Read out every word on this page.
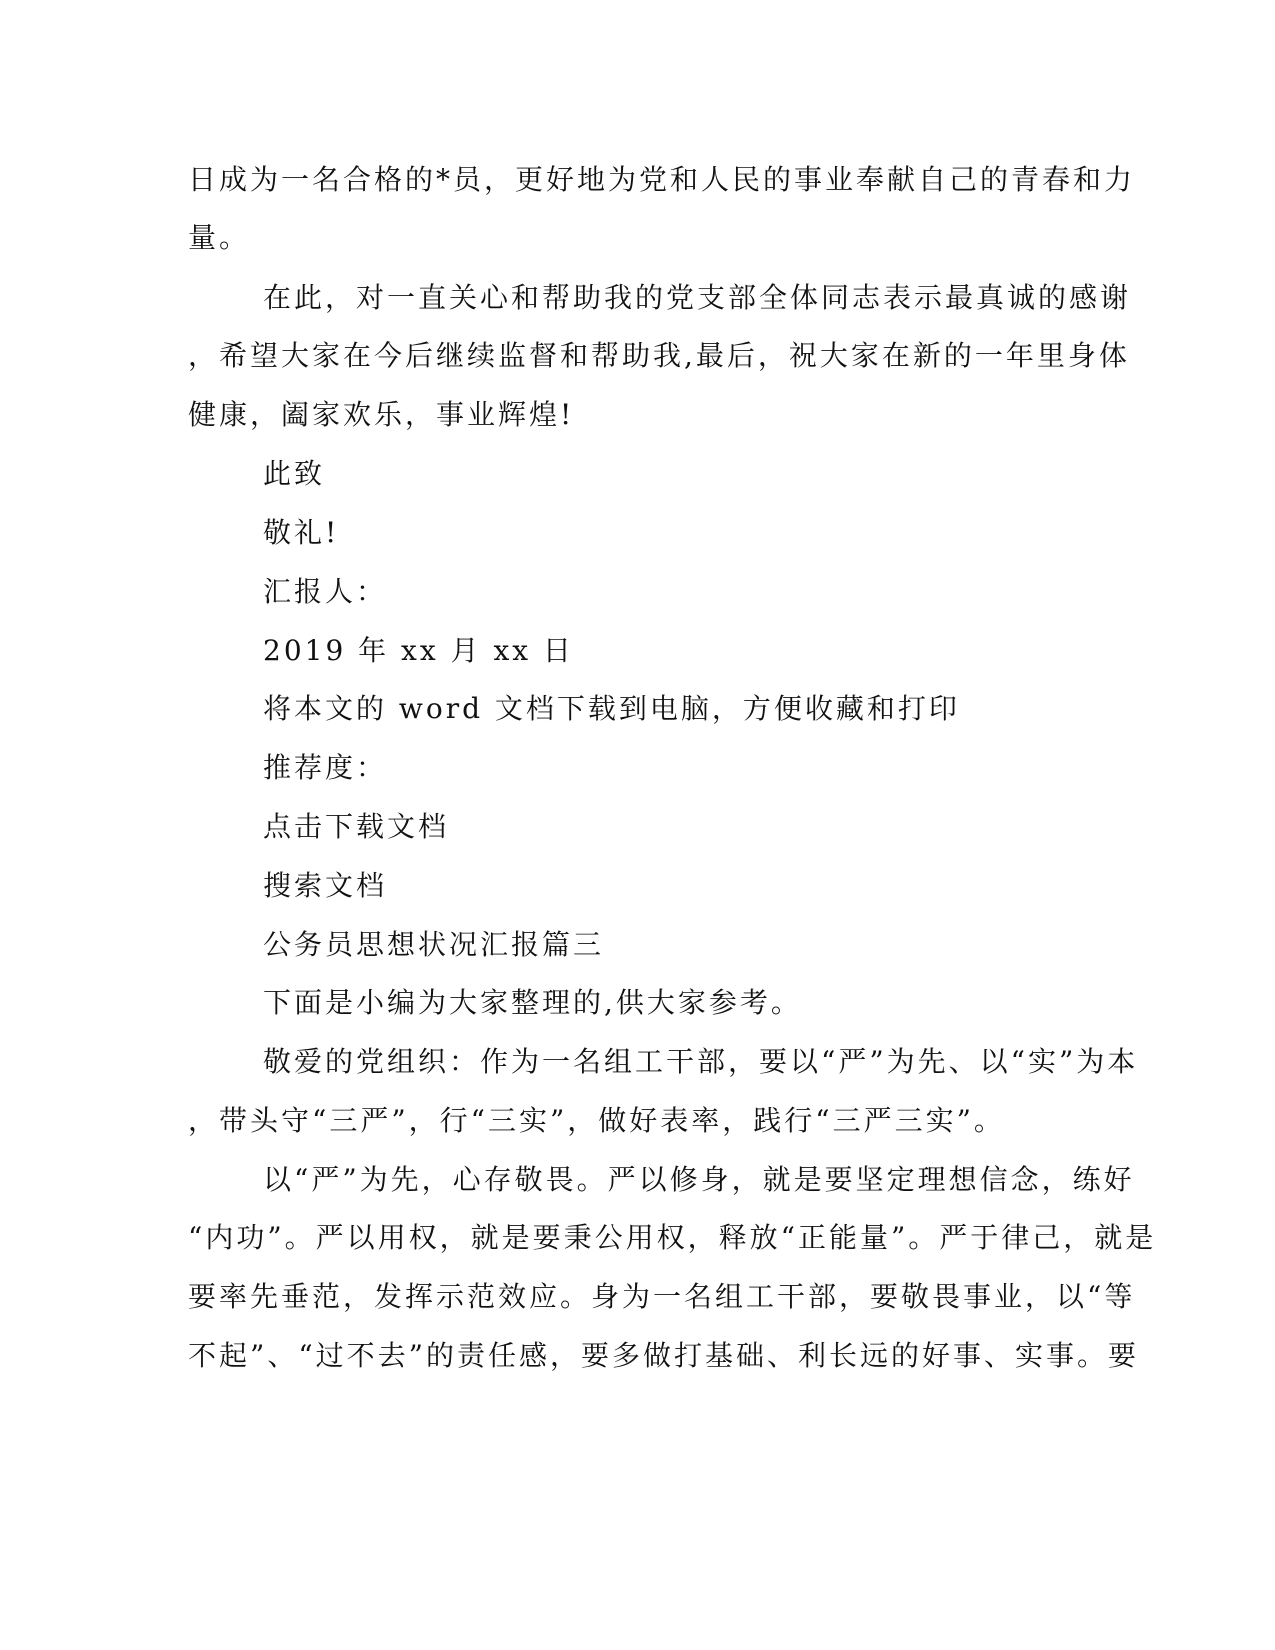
日成为一名合格的*员，更好地为党和人民的事业奉献自己的青春和力
量。
在此，对一直关心和帮助我的党支部全体同志表示最真诚的感谢
，希望大家在今后继续监督和帮助我,最后，祝大家在新的一年里身体
健康，阖家欢乐，事业辉煌!
此致
敬礼!
汇报人：
2019 年 xx 月 xx 日
将本文的 word 文档下载到电脑，方便收藏和打印
推荐度：
点击下载文档
搜索文档
公务员思想状况汇报篇三
下面是小编为大家整理的,供大家参考。
敬爱的党组织：作为一名组工干部，要以“严”为先、以“实”为本
，带头守“三严”，行“三实”，做好表率，践行“三严三实”。
以“严”为先，心存敬畏。严以修身，就是要坚定理想信念，练好
“内功”。严以用权，就是要秉公用权，释放“正能量”。严于律己，就是
要率先垂范，发挥示范效应。身为一名组工干部，要敬畏事业，以“等
不起”、“过不去”的责任感，要多做打基础、利长远的好事、实事。要
